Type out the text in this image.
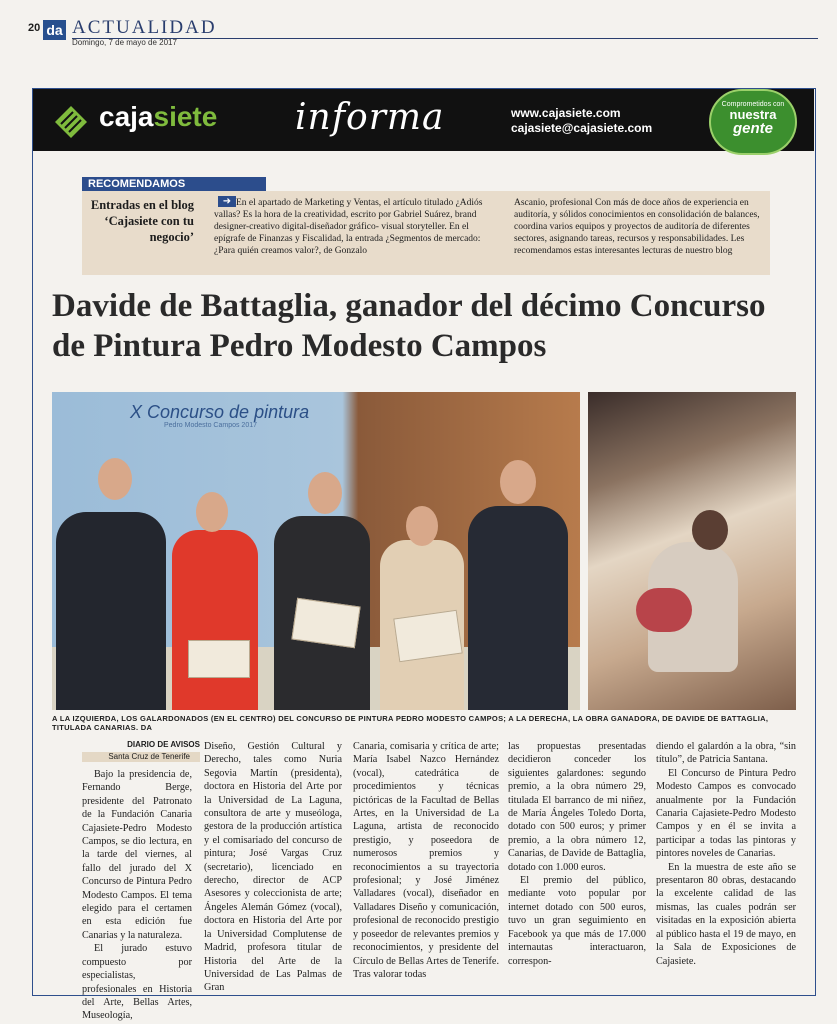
20 da ACTUALIDAD
Domingo, 7 de mayo de 2017
cajasiete informa	www.cajasiete.com
cajasiete@cajasiete.com
Comprometidos con
nuestra
gente
RECOMENDAMOS
Entradas en el blog ‘Cajasiete con tu negocio’
➜ En el apartado de Marketing y Ventas, el artículo titulado ¿Adiós vallas? Es la hora de la creatividad, escrito por Gabriel Suárez, brand designer-creativo digital-diseñador gráfico- visual storyteller. En el epígrafe de Finanzas y Fiscalidad, la entrada ¿Segmentos de mercado: ¿Para quién creamos valor?, de Gonzalo
Ascanio, profesional Con más de doce años de experiencia en auditoría, y sólidos conocimientos en consolidación de balances, coordina varios equipos y proyectos de auditoría de diferentes sectores, asignando tareas, recursos y responsabilidades. Les recomendamos estas interesantes lecturas de nuestro blog
Davide de Battaglia, ganador del décimo Concurso de Pintura Pedro Modesto Campos
X Concurso de pintura
Pedro Modesto Campos 2017
A LA IZQUIERDA, LOS GALARDONADOS (EN EL CENTRO) DEL CONCURSO DE PINTURA PEDRO MODESTO CAMPOS; A LA DERECHA, LA OBRA GANADORA, DE DAVIDE DE BATTAGLIA, TITULADA CANARIAS. DA
DIARIO DE AVISOS
Santa Cruz de Tenerife

Bajo la presidencia de, Fernando Berge, presidente del Patronato de la Fundación Canaria Cajasiete-Pedro Modesto Campos, se dio lectura, en la tarde del viernes, al fallo del jurado del X Concurso de Pintura Pedro Modesto Campos. El tema elegido para el certamen en esta edición fue Canarias y la naturaleza.

El jurado estuvo compuesto por especialistas, profesionales en Historia del Arte, Bellas Artes, Museología,

Diseño, Gestión Cultural y Derecho, tales como Nuria Segovia Martín (presidenta), doctora en Historia del Arte por la Universidad de La Laguna, consultora de arte y museóloga, gestora de la producción artística y el comisariado del concurso de pintura; José Vargas Cruz (secretario), licenciado en derecho, director de ACP Asesores y coleccionista de arte; Ángeles Alemán Gómez (vocal), doctora en Historia del Arte por la Universidad Complutense de Madrid, profesora titular de Historia del Arte de la Universidad de Las Palmas de Gran

Canaria, comisaria y crítica de arte; María Isabel Nazco Hernández (vocal), catedrática de procedimientos y técnicas pictóricas de la Facultad de Bellas Artes, en la Universidad de La Laguna, artista de reconocido prestigio, y poseedora de numerosos premios y reconocimientos a su trayectoria profesional; y José Jiménez Valladares (vocal), diseñador en Valladares Diseño y comunicación, profesional de reconocido prestigio y poseedor de relevantes premios y reconocimientos, y presidente del Círculo de Bellas Artes de Tenerife. Tras valorar todas

las propuestas presentadas decidieron conceder los siguientes galardones: segundo premio, a la obra número 29, titulada El barranco de mi niñez, de María Ángeles Toledo Dorta, dotado con 500 euros; y primer premio, a la obra número 12, Canarias, de Davide de Battaglia, dotado con 1.000 euros.

El premio del público, mediante voto popular por internet dotado con 500 euros, tuvo un gran seguimiento en Facebook ya que más de 17.000 internautas interactuaron, correspon-

diendo el galardón a la obra, “sin título”, de Patricia Santana.

El Concurso de Pintura Pedro Modesto Campos es convocado anualmente por la Fundación Canaria Cajasiete-Pedro Modesto Campos y en él se invita a participar a todas las pintoras y pintores noveles de Canarias.

En la muestra de este año se presentaron 80 obras, destacando la excelente calidad de las mismas, las cuales podrán ser visitadas en la exposición abierta al público hasta el 19 de mayo, en la Sala de Exposiciones de Cajasiete.
